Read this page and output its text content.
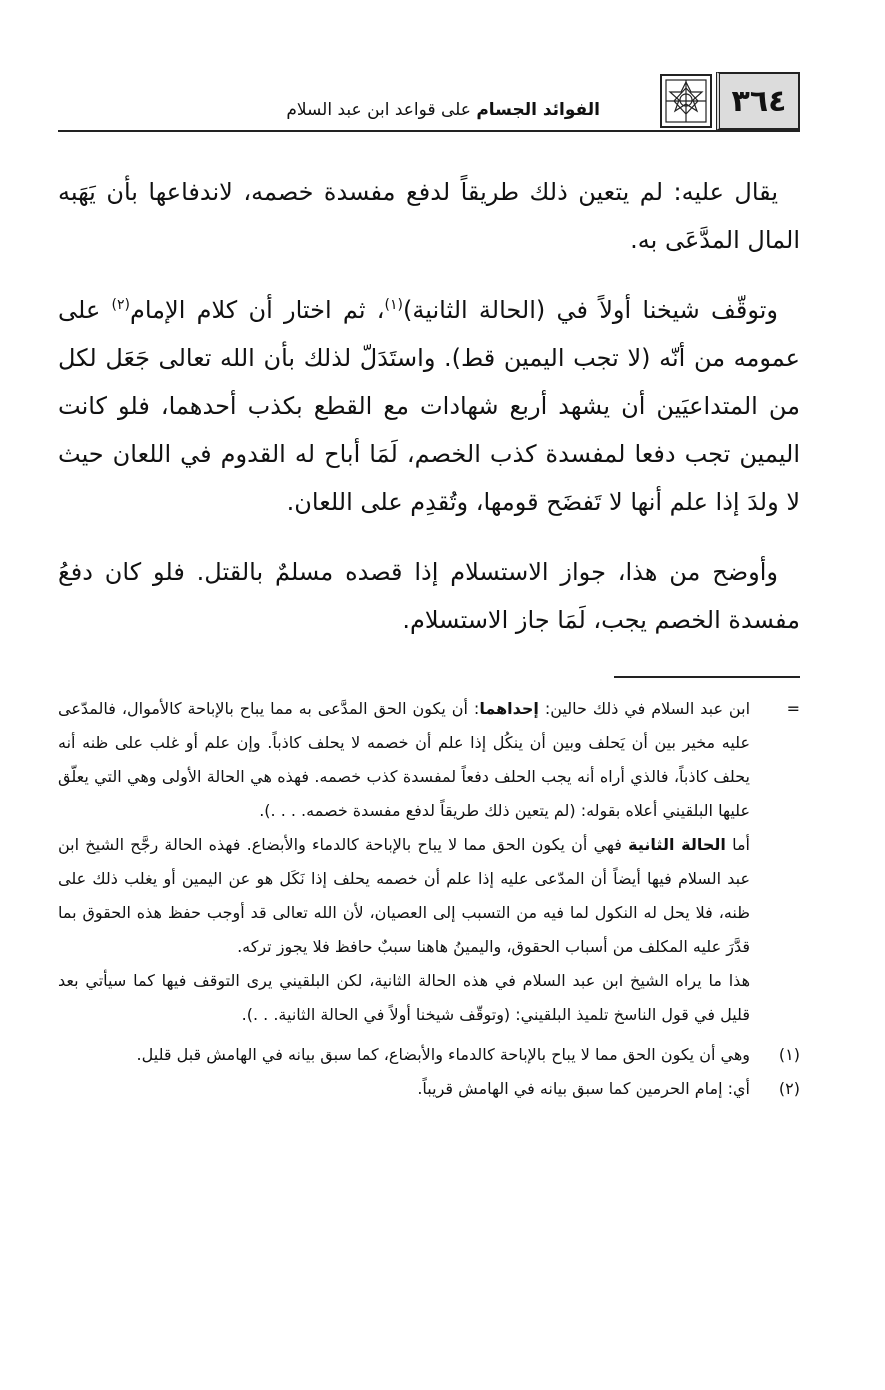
٣٦٤
الفوائد الجسام على قواعد ابن عبد السلام

يقال عليه: لم يتعين ذلك طريقاً لدفع مفسدة خصمه، لاندفاعها بأن يَهَبه المال المدَّعَى به.

وتوقّف شيخنا أولاً في (الحالة الثانية)$^{(١)}$، ثم اختار أن كلام الإمام$^{(٢)}$ على عمومه من أنّه (لا تجب اليمين قط). واستَدَلّ لذلك بأن الله تعالى جَعَل لكل من المتداعيَين أن يشهد أربع شهادات مع القطع بكذب أحدهما، فلو كانت اليمين تجب دفعا لمفسدة كذب الخصم، لَمَا أباح له القدوم في اللعان حيث لا ولدَ إذا علم أنها لا تَفضَح قومها، وتُقدِم على اللعان.

وأوضح من هذا، جواز الاستسلام إذا قصده مسلمٌ بالقتل. فلو كان دفعُ مفسدة الخصم يجب، لَمَا جاز الاستسلام.

=
ابن عبد السلام في ذلك حالين: إحداهما: أن يكون الحق المدَّعى به مما يباح بالإباحة كالأموال، فالمدّعى عليه مخير بين أن يَحلف وبين أن ينكُل إذا علم أن خصمه لا يحلف كاذباً. وإن علم أو غلب على ظنه أنه يحلف كاذباً، فالذي أراه أنه يجب الحلف دفعاً لمفسدة كذب خصمه. فهذه هي الحالة الأولى وهي التي يعلّق عليها البلقيني أعلاه بقوله: (لم يتعين ذلك طريقاً لدفع مفسدة خصمه. . . .).
أما الحالة الثانية فهي أن يكون الحق مما لا يباح بالإباحة كالدماء والأبضاع. فهذه الحالة رجَّح الشيخ ابن عبد السلام فيها أيضاً أن المدّعى عليه إذا علم أن خصمه يحلف إذا نَكَل هو عن اليمين أو يغلب ذلك على ظنه، فلا يحل له النكول لما فيه من التسبب إلى العصيان، لأن الله تعالى قد أوجب حفظ هذه الحقوق بما قدَّرَ عليه المكلف من أسباب الحقوق، واليمينُ هاهنا سببٌ حافظ فلا يجوز تركه.
هذا ما يراه الشيخ ابن عبد السلام في هذه الحالة الثانية، لكن البلقيني يرى التوقف فيها كما سيأتي بعد قليل في قول الناسخ تلميذ البلقيني: (وتوقّف شيخنا أولاً في الحالة الثانية. . .).
(١)
وهي أن يكون الحق مما لا يباح بالإباحة كالدماء والأبضاع، كما سبق بيانه في الهامش قبل قليل.
(٢)
أي: إمام الحرمين كما سبق بيانه في الهامش قريباً.
